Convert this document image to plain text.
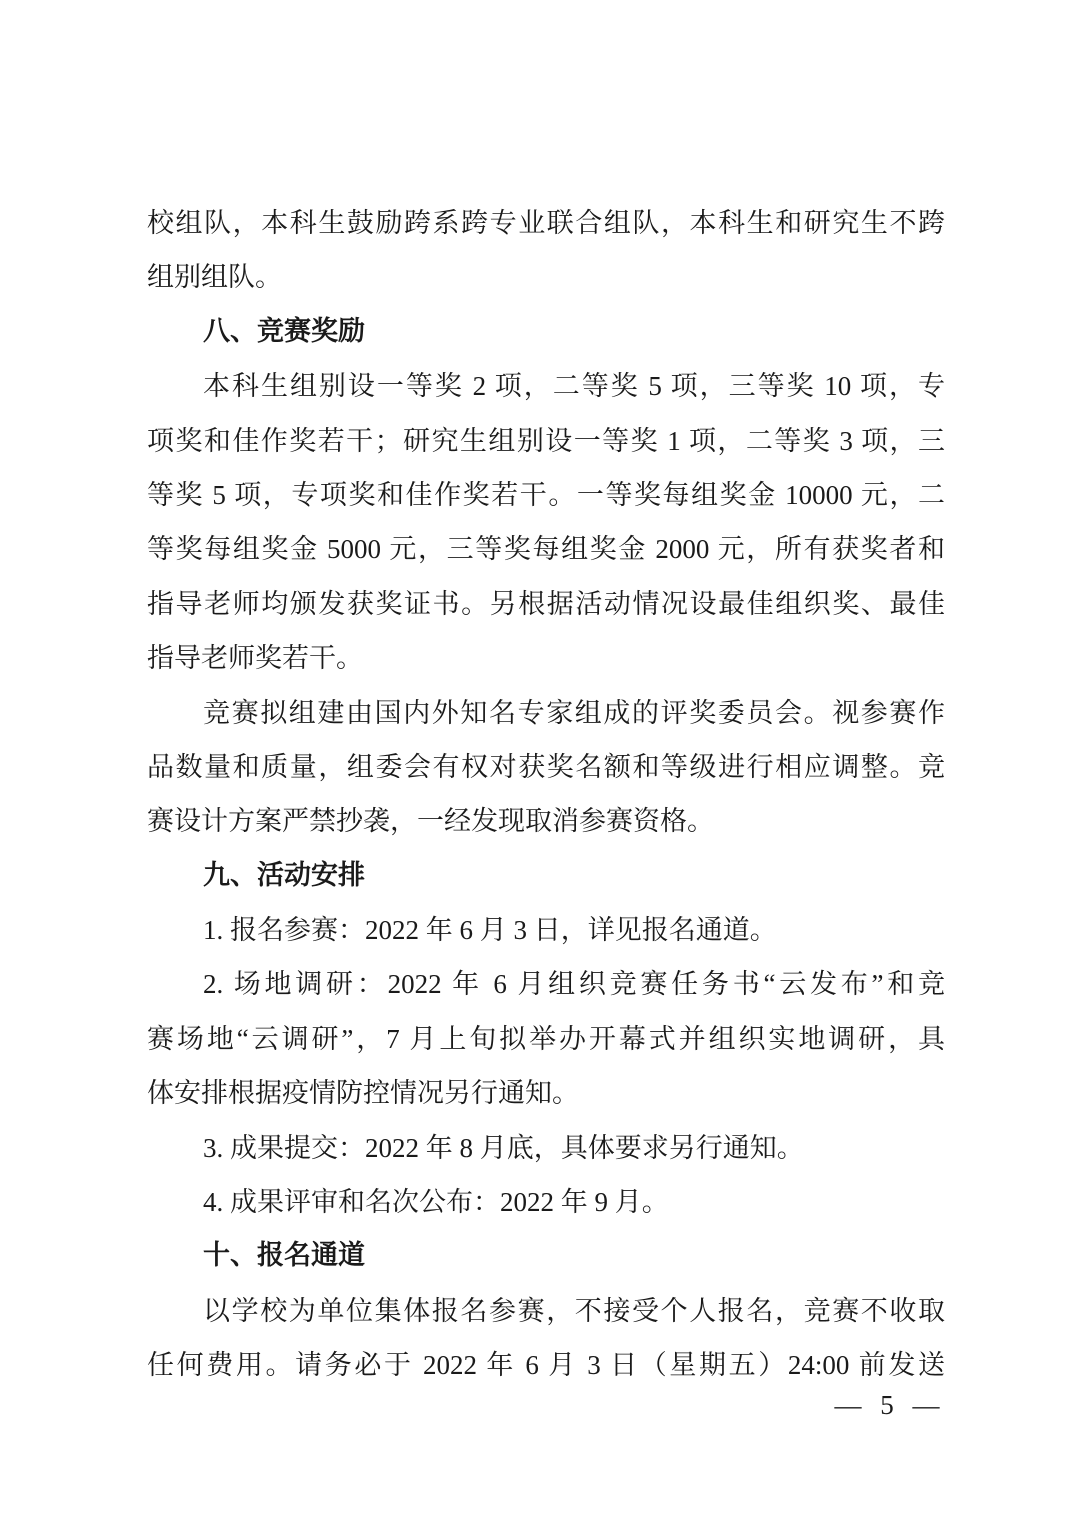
校组队，本科生鼓励跨系跨专业联合组队，本科生和研究生不跨
组别组队。
八、竞赛奖励
本科生组别设一等奖 2 项，二等奖 5 项，三等奖 10 项，专
项奖和佳作奖若干；研究生组别设一等奖 1 项，二等奖 3 项，三
等奖 5 项，专项奖和佳作奖若干。一等奖每组奖金 10000 元，二
等奖每组奖金 5000 元，三等奖每组奖金 2000 元，所有获奖者和
指导老师均颁发获奖证书。另根据活动情况设最佳组织奖、最佳
指导老师奖若干。
竞赛拟组建由国内外知名专家组成的评奖委员会。视参赛作
品数量和质量，组委会有权对获奖名额和等级进行相应调整。竞
赛设计方案严禁抄袭，一经发现取消参赛资格。
九、活动安排
1. 报名参赛：2022 年 6 月 3 日，详见报名通道。
2. 场地调研：2022 年 6 月组织竞赛任务书“云发布”和竞
赛场地“云调研”，7 月上旬拟举办开幕式并组织实地调研，具
体安排根据疫情防控情况另行通知。
3. 成果提交：2022 年 8 月底，具体要求另行通知。
4. 成果评审和名次公布：2022 年 9 月。
十、报名通道
以学校为单位集体报名参赛，不接受个人报名，竞赛不收取
任何费用。请务必于 2022 年 6 月 3 日（星期五）24:00 前发送
— 5 —
